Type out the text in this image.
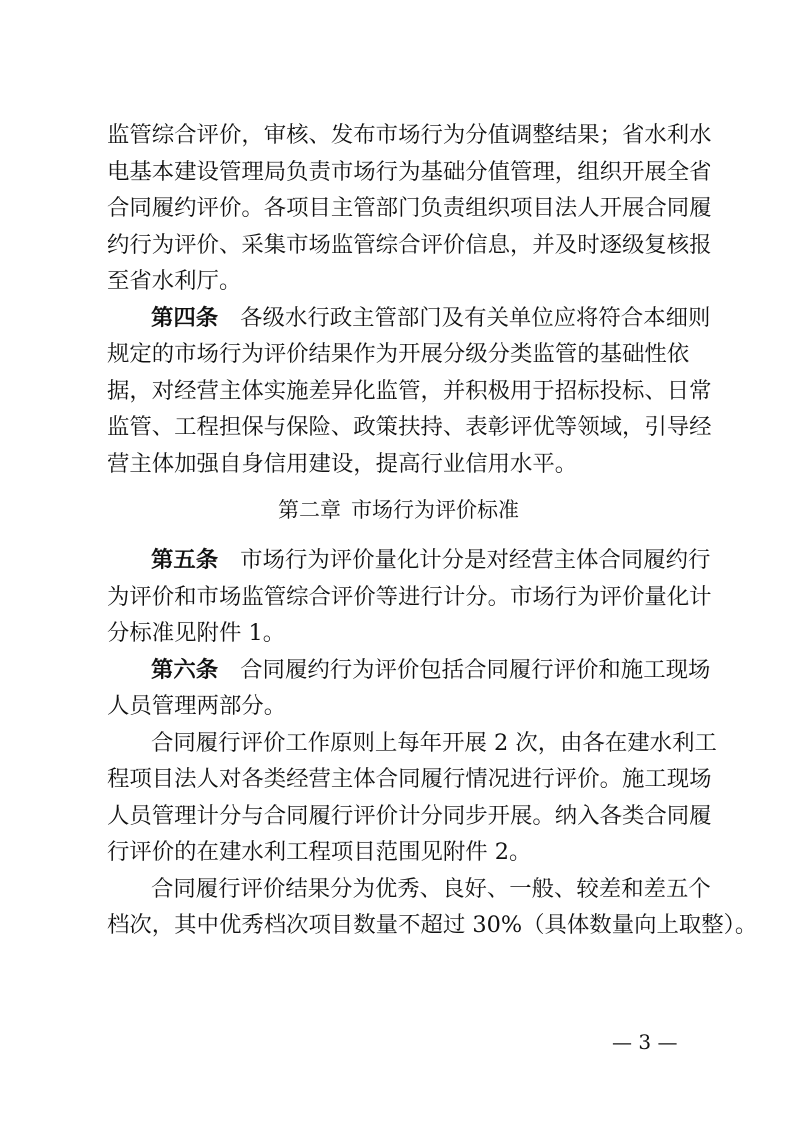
监管综合评价，审核、发布市场行为分值调整结果；省水利水
电基本建设管理局负责市场行为基础分值管理，组织开展全省
合同履约评价。各项目主管部门负责组织项目法人开展合同履
约行为评价、采集市场监管综合评价信息，并及时逐级复核报
至省水利厅。
第四条 各级水行政主管部门及有关单位应将符合本细则
规定的市场行为评价结果作为开展分级分类监管的基础性依
据，对经营主体实施差异化监管，并积极用于招标投标、日常
监管、工程担保与保险、政策扶持、表彰评优等领域，引导经
营主体加强自身信用建设，提高行业信用水平。
第二章 市场行为评价标准
第五条 市场行为评价量化计分是对经营主体合同履约行
为评价和市场监管综合评价等进行计分。市场行为评价量化计
分标准见附件 1。
第六条 合同履约行为评价包括合同履行评价和施工现场
人员管理两部分。
合同履行评价工作原则上每年开展 2 次，由各在建水利工
程项目法人对各类经营主体合同履行情况进行评价。施工现场
人员管理计分与合同履行评价计分同步开展。纳入各类合同履
行评价的在建水利工程项目范围见附件 2。
合同履行评价结果分为优秀、良好、一般、较差和差五个
档次，其中优秀档次项目数量不超过 30%（具体数量向上取整）。
— 3 —
